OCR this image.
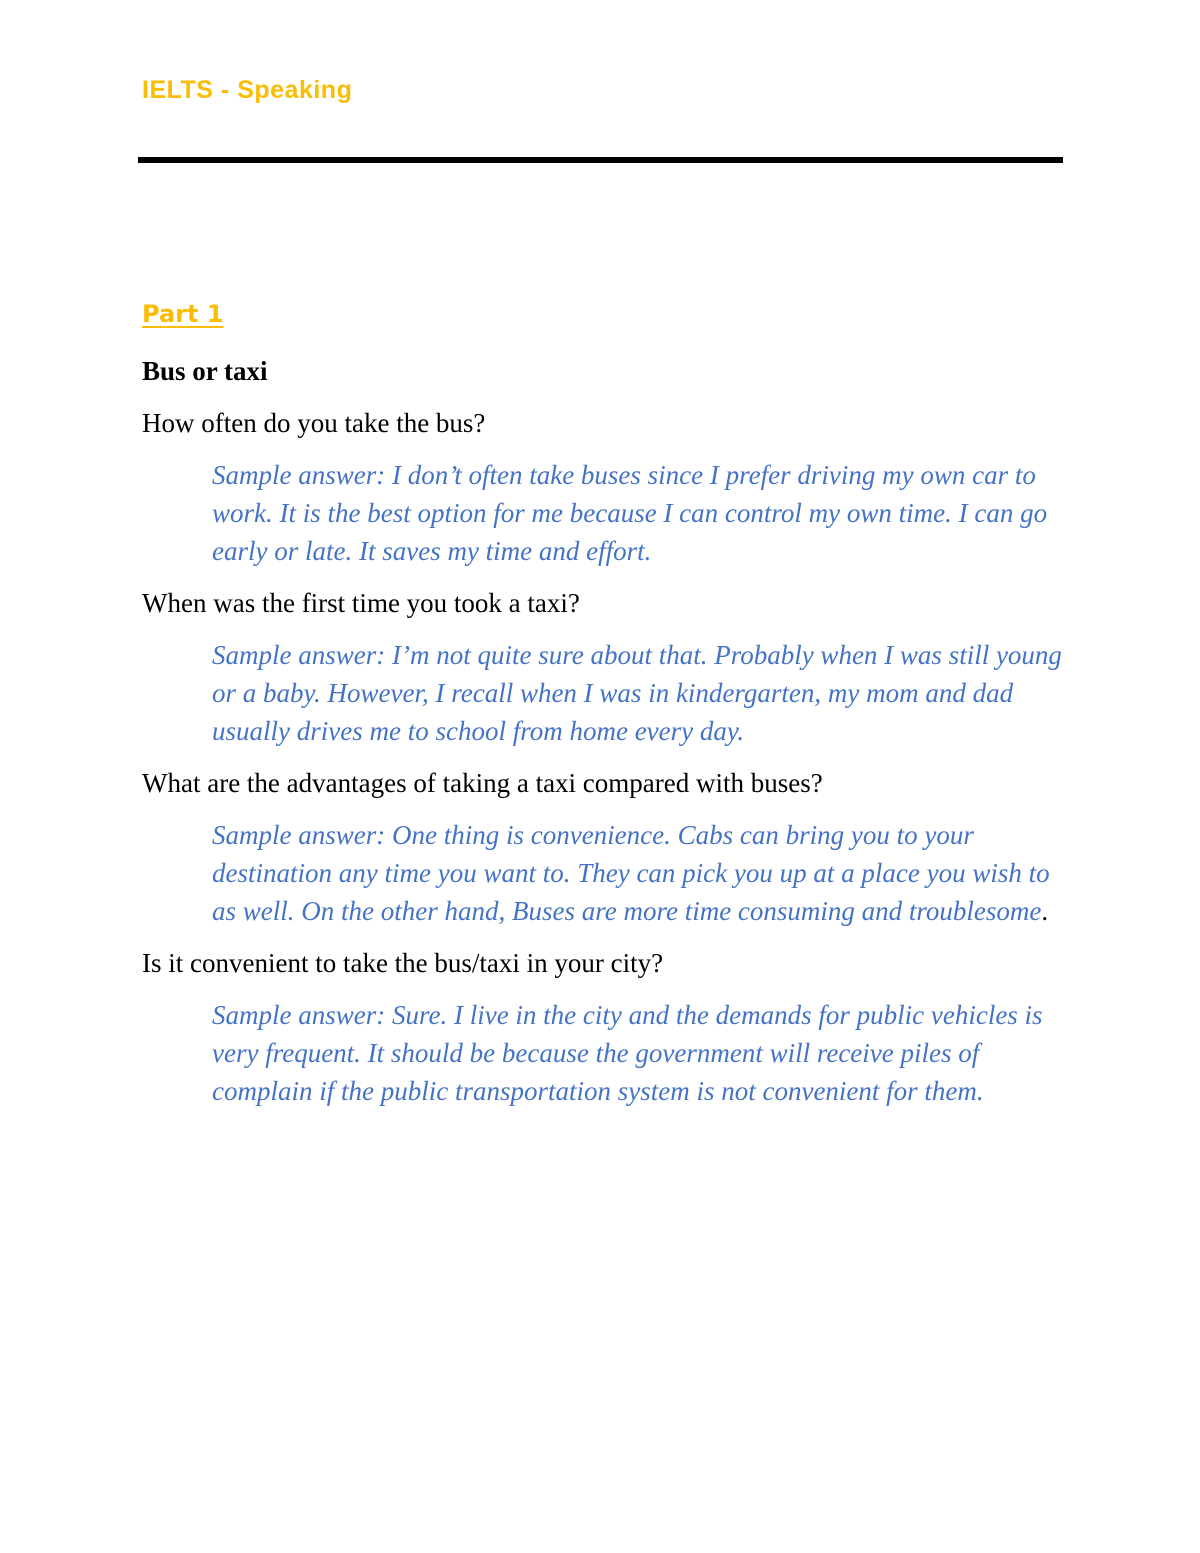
IELTS - Speaking
Part 1
Bus or taxi
How often do you take the bus?
Sample answer: I don’t often take buses since I prefer driving my own car to work. It is the best option for me because I can control my own time. I can go early or late. It saves my time and effort.
When was the first time you took a taxi?
Sample answer: I’m not quite sure about that. Probably when I was still young or a baby. However, I recall when I was in kindergarten, my mom and dad usually drives me to school from home every day.
What are the advantages of taking a taxi compared with buses?
Sample answer: One thing is convenience. Cabs can bring you to your destination any time you want to. They can pick you up at a place you wish to as well. On the other hand, Buses are more time consuming and troublesome.
Is it convenient to take the bus/taxi in your city?
Sample answer: Sure. I live in the city and the demands for public vehicles is very frequent. It should be because the government will receive piles of complain if the public transportation system is not convenient for them.
